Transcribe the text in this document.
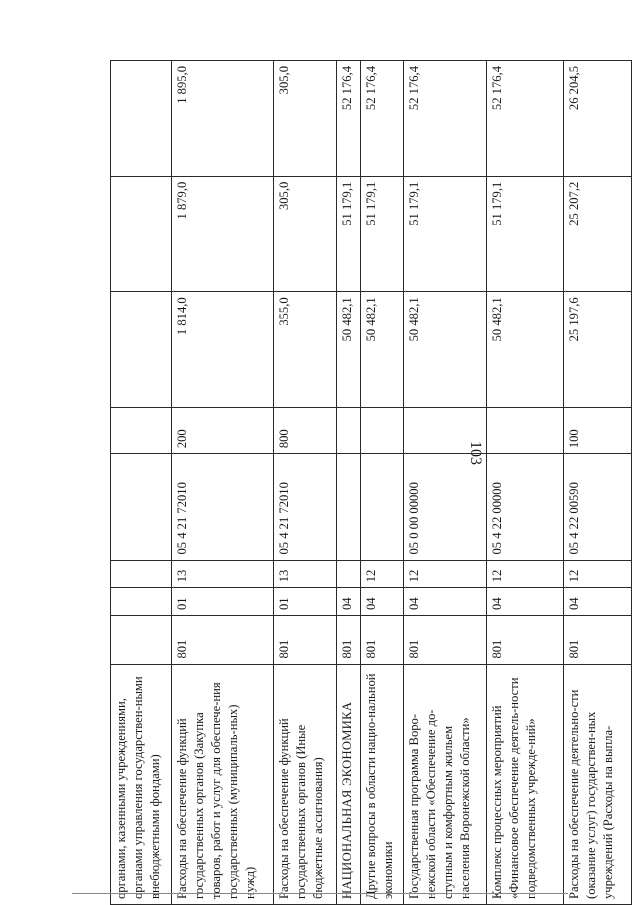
103
органами, казенными учреждениями, органами управления государствен-ными внебюджетными фондами)								
Расходы на обеспечение функций государственных органов (Закупка товаров, работ и услуг для обеспече-ния государственных (муниципаль-ных) нужд)	801	01	13	05 4 21 72010	200	1 814,0	1 879,0	1 895,0
Расходы на обеспечение функций государственных органов (Иные бюджетные ассигнования)	801	01	13	05 4 21 72010	800	355,0	305,0	305,0
НАЦИОНАЛЬНАЯ ЭКОНОМИКА	801	04				50 482,1	51 179,1	52 176,4
Другие вопросы в области нацио-нальной экономики	801	04	12			50 482,1	51 179,1	52 176,4
Государственная программа Воро-нежской области «Обеспечение до-ступным и комфортным жильем населения Воронежской области»	801	04	12	05 0 00 00000		50 482,1	51 179,1	52 176,4
Комплекс процессных мероприятий «Финансовое обеспечение деятель-ности подведомственных учрежде-ний»	801	04	12	05 4 22 00000		50 482,1	51 179,1	52 176,4
Расходы на обеспечение деятельно-сти (оказание услуг) государствен-ных учреждений (Расходы на выпла-	801	04	12	05 4 22 00590	100	25 197,6	25 207,2	26 204,5
